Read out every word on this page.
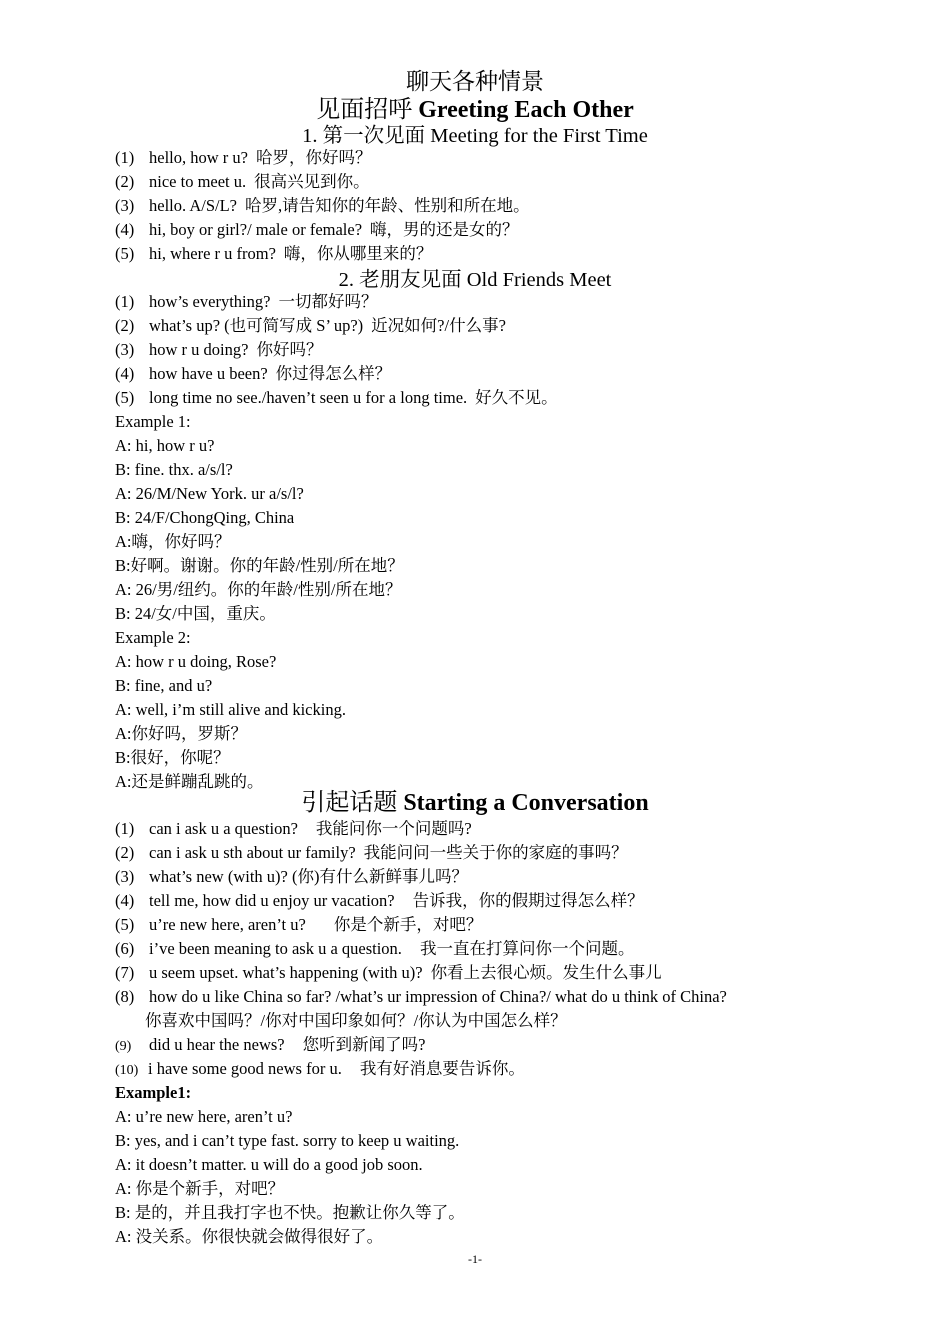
聊天各种情景
见面招呼 Greeting Each Other
1. 第一次见面 Meeting for the First Time
(1) hello, how r u? 哈罗，你好吗？
(2) nice to meet u. 很高兴见到你。
(3) hello. A/S/L? 哈罗,请告知你的年龄、性别和所在地。
(4) hi, boy or girl?/ male or female? 嗨，男的还是女的？
(5) hi, where r u from? 嗨，你从哪里来的？
2. 老朋友见面 Old Friends Meet
(1) how’s everything? 一切都好吗？
(2) what’s up? (也可简写成 S’ up?) 近况如何?/什么事?
(3) how r u doing? 你好吗？
(4) how have u been? 你过得怎么样？
(5) long time no see./haven’t seen u for a long time. 好久不见。
Example 1:
A: hi, how r u?
B: fine. thx. a/s/l?
A: 26/M/New York. ur a/s/l?
B: 24/F/ChongQing, China
A:嗨，你好吗？
B:好啊。谢谢。你的年龄/性别/所在地？
A: 26/男/纽约。你的年龄/性别/所在地？
B: 24/女/中国，重庆。
Example 2:
A: how r u doing, Rose?
B: fine, and u?
A: well, i’m still alive and kicking.
A:你好吗，罗斯？
B:很好，你呢？
A:还是鲜蹦乱跳的。
引起话题 Starting a Conversation
(1) can i ask u a question? 我能问你一个问题吗?
(2) can i ask u sth about ur family? 我能问问一些关于你的家庭的事吗？
(3) what’s new (with u)? (你)有什么新鲜事儿吗？
(4) tell me, how did u enjoy ur vacation? 告诉我，你的假期过得怎么样？
(5) u’re new here, aren’t u? 你是个新手，对吧？
(6) i’ve been meaning to ask u a question. 我一直在打算问你一个问题。
(7) u seem upset. what’s happening (with u)? 你看上去很心烦。发生什么事儿
(8) how do u like China so far? /what’s ur impression of China?/ what do u think of China?
你喜欢中国吗？/你对中国印象如何？/你认为中国怎么样？
(9) did u hear the news? 您听到新闻了吗?
(10) i have some good news for u. 我有好消息要告诉你。
Example1:
A: u’re new here, aren’t u?
B: yes, and i can’t type fast. sorry to keep u waiting.
A: it doesn’t matter. u will do a good job soon.
A: 你是个新手，对吧？
B: 是的，并且我打字也不快。抱歉让你久等了。
A: 没关系。你很快就会做得很好了。
-1-
